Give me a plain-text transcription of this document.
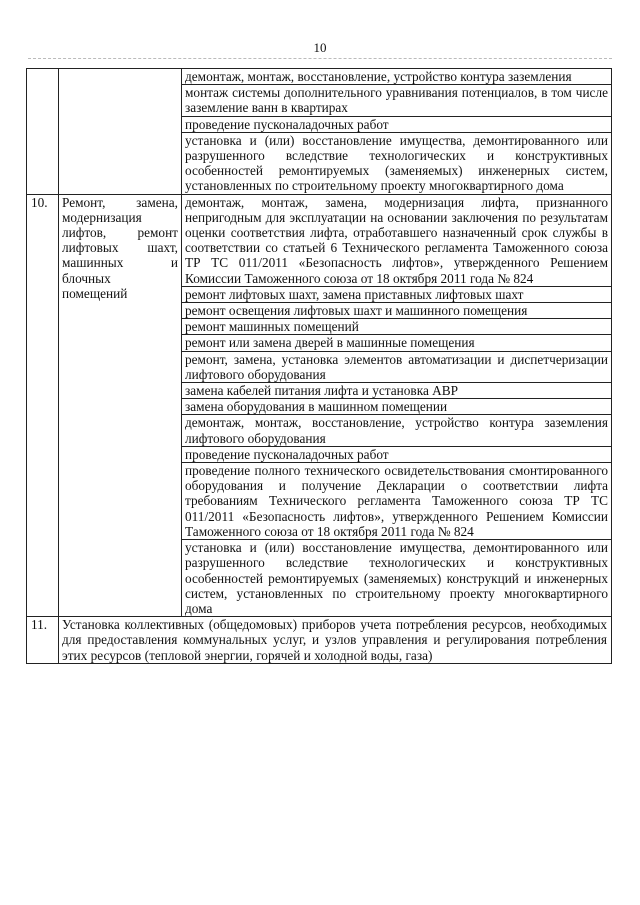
10
		демонтаж, монтаж, восстановление, устройство контура заземления
		монтаж системы дополнительного уравнивания потенциалов, в том числе заземление ванн в квартирах
		проведение пусконаладочных работ
		установка и (или) восстановление имущества, демонтированного или разрушенного вследствие технологических и конструктивных особенностей ремонтируемых (заменяемых) инженерных систем, установленных по строительному проекту многоквартирного дома
10.	Ремонт, замена, модернизация лифтов, ремонт лифтовых шахт, машинных и блочных помещений	демонтаж, монтаж, замена, модернизация лифта, признанного непригодным для эксплуатации на основании заключения по результатам оценки соответствия лифта, отработавшего назначенный срок службы в соответствии со статьей 6 Технического регламента Таможенного союза ТР ТС 011/2011 «Безопасность лифтов», утвержденного Решением Комиссии Таможенного союза от 18 октября 2011 года № 824
		ремонт лифтовых шахт, замена приставных лифтовых шахт
		ремонт освещения лифтовых шахт и машинного помещения
		ремонт машинных помещений
		ремонт или замена дверей в машинные помещения
		ремонт, замена, установка элементов автоматизации и диспетчеризации лифтового оборудования
		замена кабелей питания лифта и установка АВР
		замена оборудования в машинном помещении
		демонтаж, монтаж, восстановление, устройство контура заземления лифтового оборудования
		проведение пусконаладочных работ
		проведение полного технического освидетельствования смонтированного оборудования и получение Декларации о соответствии лифта требованиям Технического регламента Таможенного союза ТР ТС 011/2011 «Безопасность лифтов», утвержденного Решением Комиссии Таможенного союза от 18 октября 2011 года № 824
		установка и (или) восстановление имущества, демонтированного или разрушенного вследствие технологических и конструктивных особенностей ремонтируемых (заменяемых) конструкций и инженерных систем, установленных по строительному проекту многоквартирного дома
11.	Установка коллективных (общедомовых) приборов учета потребления ресурсов, необходимых для предоставления коммунальных услуг, и узлов управления и регулирования потребления этих ресурсов (тепловой энергии, горячей и холодной воды, газа)	
